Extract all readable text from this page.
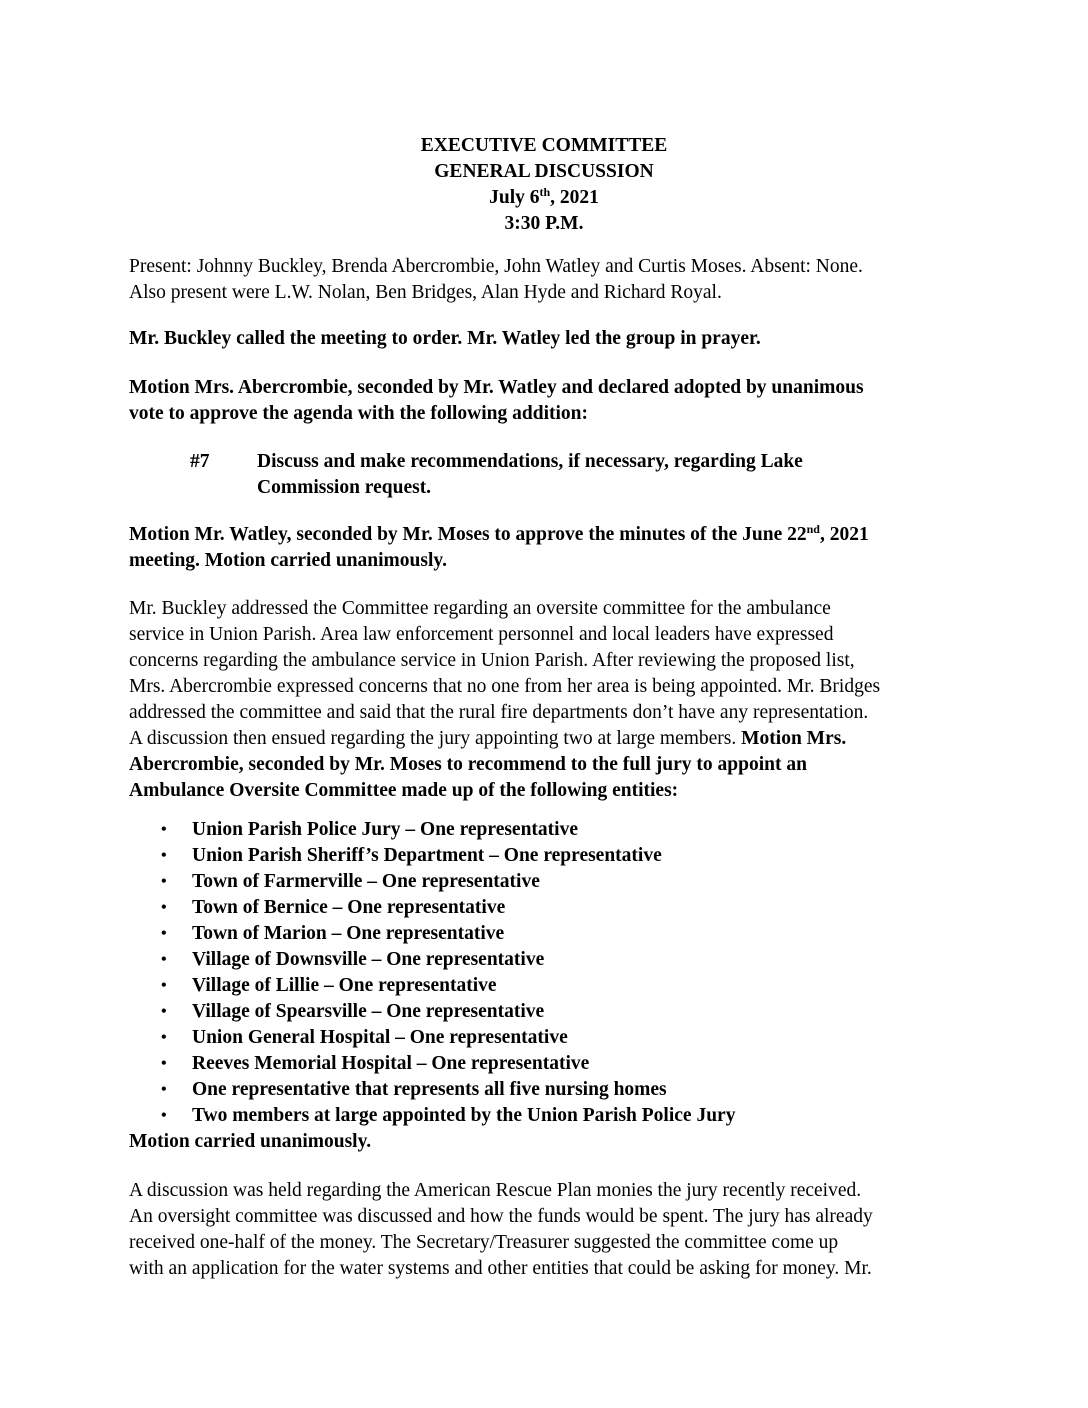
EXECUTIVE COMMITTEE
GENERAL DISCUSSION
July 6th, 2021
3:30 P.M.

Present: Johnny Buckley, Brenda Abercrombie, John Watley and Curtis Moses. Absent: None.

Also present were L.W. Nolan, Ben Bridges, Alan Hyde and Richard Royal.

Mr. Buckley called the meeting to order. Mr. Watley led the group in prayer.

Motion Mrs. Abercrombie, seconded by Mr. Watley and declared adopted by unanimous

vote to approve the agenda with the following addition:

#7 Discuss and make recommendations, if necessary, regarding Lake

Commission request.

Motion Mr. Watley, seconded by Mr. Moses to approve the minutes of the June 22nd, 2021

meeting. Motion carried unanimously.

Mr. Buckley addressed the Committee regarding an oversite committee for the ambulance

service in Union Parish. Area law enforcement personnel and local leaders have expressed

concerns regarding the ambulance service in Union Parish. After reviewing the proposed list,

Mrs. Abercrombie expressed concerns that no one from her area is being appointed. Mr. Bridges

addressed the committee and said that the rural fire departments don’t have any representation.

A discussion then ensued regarding the jury appointing two at large members. Motion Mrs.

Abercrombie, seconded by Mr. Moses to recommend to the full jury to appoint an

Ambulance Oversite Committee made up of the following entities:

• Union Parish Police Jury – One representative
• Union Parish Sheriff’s Department – One representative
• Town of Farmerville – One representative
• Town of Bernice – One representative
• Town of Marion – One representative
• Village of Downsville – One representative
• Village of Lillie – One representative
• Village of Spearsville – One representative
• Union General Hospital – One representative
• Reeves Memorial Hospital – One representative
• One representative that represents all five nursing homes
• Two members at large appointed by the Union Parish Police Jury

Motion carried unanimously.

A discussion was held regarding the American Rescue Plan monies the jury recently received.

An oversight committee was discussed and how the funds would be spent. The jury has already

received one-half of the money. The Secretary/Treasurer suggested the committee come up

with an application for the water systems and other entities that could be asking for money. Mr.
